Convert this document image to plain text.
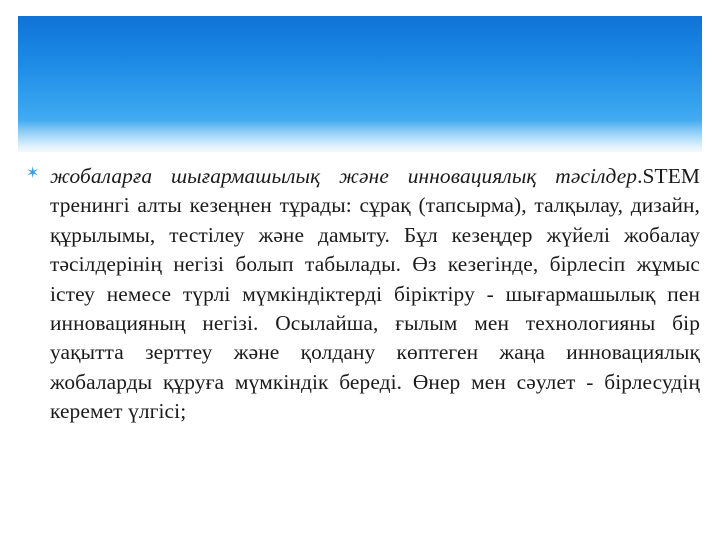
✶ жобаларға шығармашылық және инновациялық тәсілдер.STEM тренингі алты кезеңнен тұрады: сұрақ (тапсырма), талқылау, дизайн, құрылымы, тестілеу және дамыту. Бұл кезеңдер жүйелі жобалау тәсілдерінің негізі болып табылады. Өз кезегінде, бірлесіп жұмыс істеу немесе түрлі мүмкіндіктерді біріктіру - шығармашылық пен инновацияның негізі. Осылайша, ғылым мен технологияны бір уақытта зерттеу және қолдану көптеген жаңа инновациялық жобаларды құруға мүмкіндік береді. Өнер мен сәулет - бірлесудің керемет үлгісі;
